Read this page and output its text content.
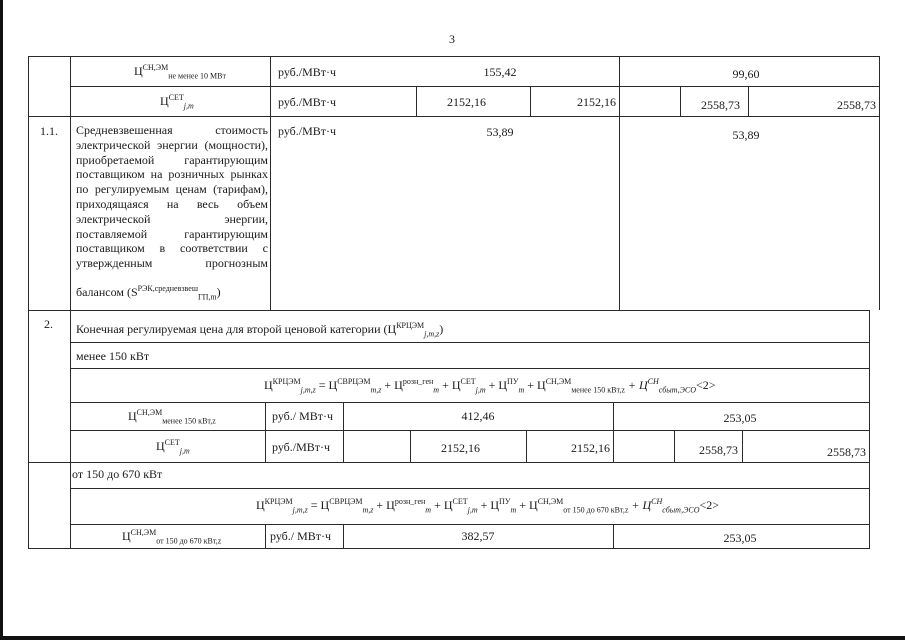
3
$Ц^{СН,ЭМ}_{не менее 10 МВт}$	руб./МВт·ч	155,42	99,60
$Ц^{СЕТ}_{j,m}$	руб./МВт·ч	2152,16	2152,16	2558,73	2558,73
1.1. Средневзвешенная стоимость электрической энергии (мощности), приобретаемой гарантирующим поставщиком на розничных рынках по регулируемым ценам (тарифам), приходящаяся на весь объем электрической энергии, поставляемой гарантирующим поставщиком в соответствии с утвержденным прогнозным
балансом $(S^{РЭК,средневзвеш}_{ГП,m})$
руб./МВт·ч	53,89	53,89
2. Конечная регулируемая цена для второй ценовой категории $(Ц^{КРЦЭМ}_{j,m,z})$
менее 150 кВт
$Ц^{КРЦЭМ}_{j,m,z} = Ц^{СВРЦЭМ}_{m,z} + Ц^{розн\_ген}_m + Ц^{СЕТ}_{j,m} + Ц^{ПУ}_m + Ц^{СН,ЭМ}_{менее 150 кВт,z} + Ц^{СН}_{сбыт,ЭСО}<2>$
$Ц^{СН,ЭМ}_{менее 150 кВт,z}$	руб./ МВт·ч	412,46	253,05
$Ц^{СЕТ}_{j,m}$	руб./МВт·ч	2152,16	2152,16	2558,73	2558,73
от 150 до 670 кВт
$Ц^{КРЦЭМ}_{j,m,z} = Ц^{СВРЦЭМ}_{m,z} + Ц^{розн\_ген}_m + Ц^{СЕТ}_{j,m} + Ц^{ПУ}_m + Ц^{СН,ЭМ}_{от 150 до 670 кВт,z} + Ц^{СН}_{сбыт,ЭСО}<2>$
$Ц^{СН,ЭМ}_{от 150 до 670 кВт,z}$	руб./ МВт·ч	382,57	253,05
